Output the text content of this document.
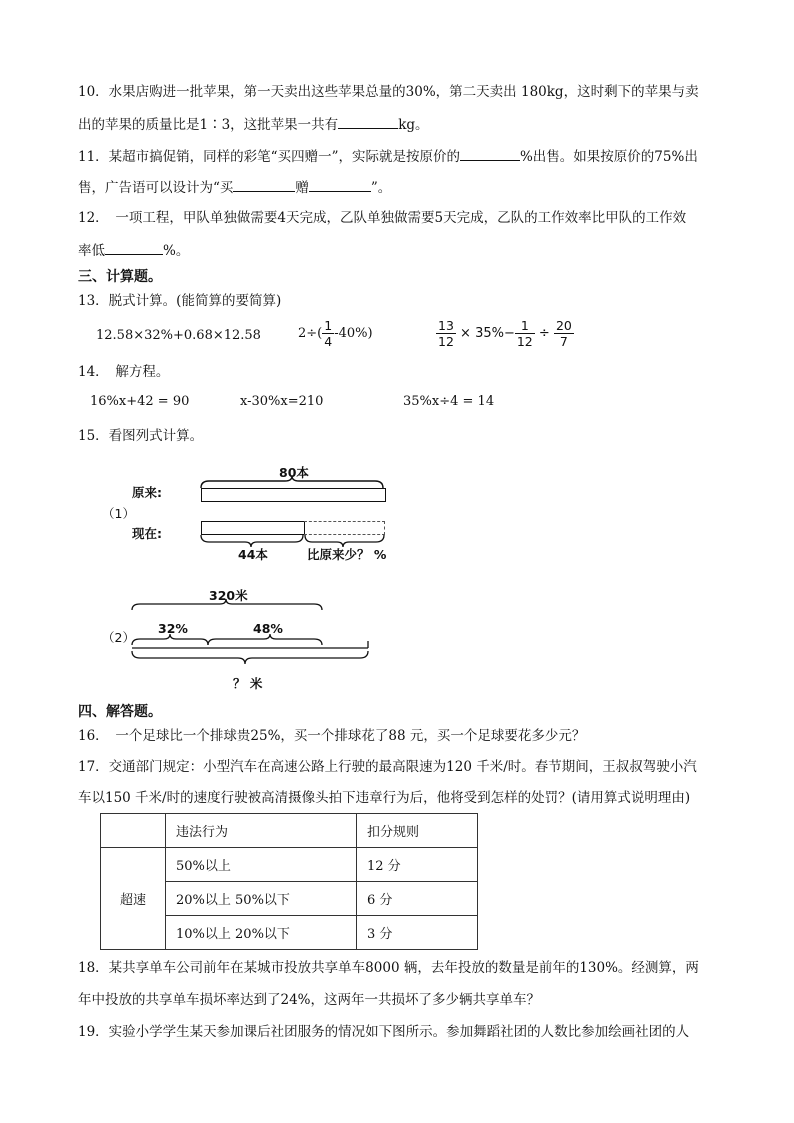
10．水果店购进一批苹果，第一天卖出这些苹果总量的30%，第二天卖出 180kg，这时剩下的苹果与卖
出的苹果的质量比是1∶3，这批苹果一共有	kg。
11．某超市搞促销，同样的彩笔“买四赠一”，实际就是按原价的	%出售。如果按原价的75%出
售，广告语可以设计为“买	赠	”。
12．　一项工程，甲队单独做需要4天完成，乙队单独做需要5天完成，乙队的工作效率比甲队的工作效
率低	%。
三、计算题。
13．脱式计算。(能简算的要简算)
12.58×32%+0.68×12.58	$2\div( \frac{1}{4} -40\%)$	$\frac{13}{12} \times 35\%- \frac{1}{12} \div \frac{20}{7}$
14．　解方程。
16%x+42 = 90	x-30%x=210	35%x÷4 = 14
15．看图列式计算。
80本
原来:
（1）
现在:
44本	比原来少？ %
320米
32%	48%
（2）
？ 米
四、解答题。
16．　一个足球比一个排球贵25%，买一个排球花了88 元，买一个足球要花多少元？
17．交通部门规定：小型汽车在高速公路上行驶的最高限速为120 千米/时。春节期间，王叔叔驾驶小汽
车以150 千米/时的速度行驶被高清摄像头拍下违章行为后，他将受到怎样的处罚？(请用算式说明理由)
	违法行为	扣分规则
超速	50%以上	12 分
	20%以上 50%以下	6 分
	10%以上 20%以下	3 分
18．某共享单车公司前年在某城市投放共享单车8000 辆，去年投放的数量是前年的130%。经测算，两
年中投放的共享单车损坏率达到了24%，这两年一共损坏了多少辆共享单车？
19．实验小学学生某天参加课后社团服务的情况如下图所示。参加舞蹈社团的人数比参加绘画社团的人
